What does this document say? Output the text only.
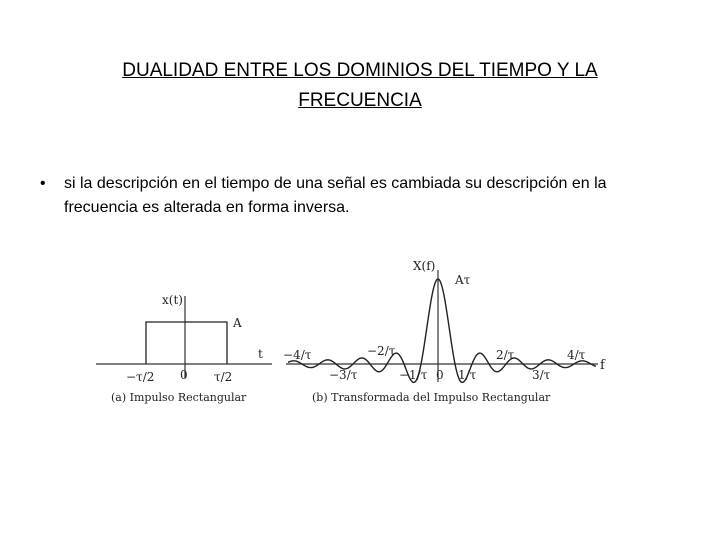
DUALIDAD ENTRE LOS DOMINIOS DEL TIEMPO Y LA
FRECUENCIA
• si la descripción en el tiempo de una señal es cambiada su descripción en la frecuencia es alterada en forma inversa.
x(t)
A
t
−τ/2 0 τ/2
(a) Impulso Rectangular
X(f)
Aτ
f
−4/τ	−2/τ	2/τ	4/τ
−3/τ	−1/τ 0 1/τ	3/τ
(b) Transformada del Impulso Rectangular
